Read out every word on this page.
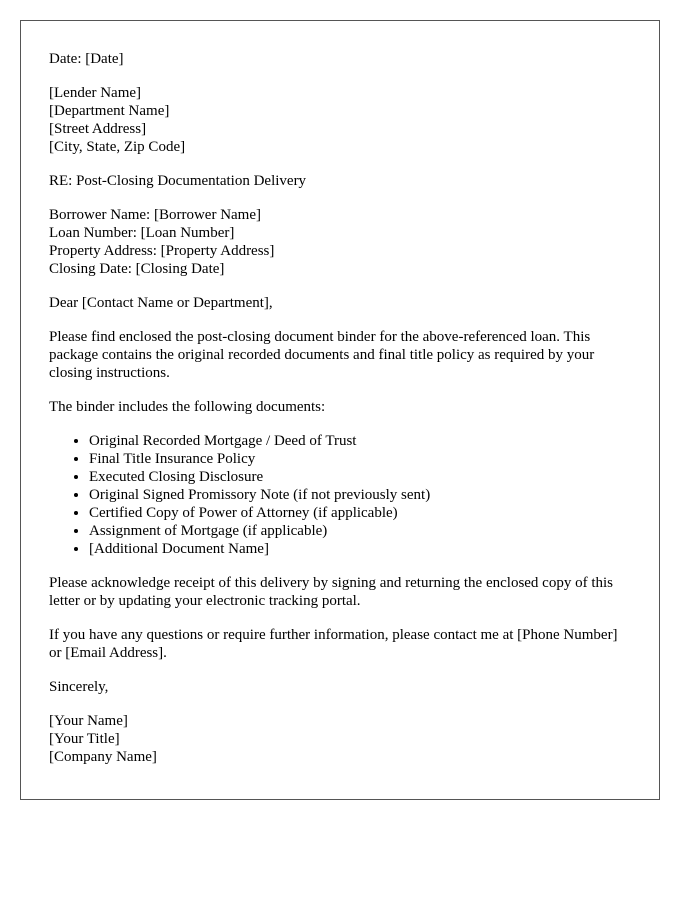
Date: [Date]
[Lender Name]
[Department Name]
[Street Address]
[City, State, Zip Code]
RE: Post-Closing Documentation Delivery
Borrower Name: [Borrower Name]
Loan Number: [Loan Number]
Property Address: [Property Address]
Closing Date: [Closing Date]
Dear [Contact Name or Department],

Please find enclosed the post-closing document binder for the above-referenced loan. This package contains the original recorded documents and final title policy as required by your closing instructions.

The binder includes the following documents:

• Original Recorded Mortgage / Deed of Trust
• Final Title Insurance Policy
• Executed Closing Disclosure
• Original Signed Promissory Note (if not previously sent)
• Certified Copy of Power of Attorney (if applicable)
• Assignment of Mortgage (if applicable)
• [Additional Document Name]

Please acknowledge receipt of this delivery by signing and returning the enclosed copy of this letter or by updating your electronic tracking portal.

If you have any questions or require further information, please contact me at [Phone Number] or [Email Address].

Sincerely,
[Your Name]
[Your Title]
[Company Name]
